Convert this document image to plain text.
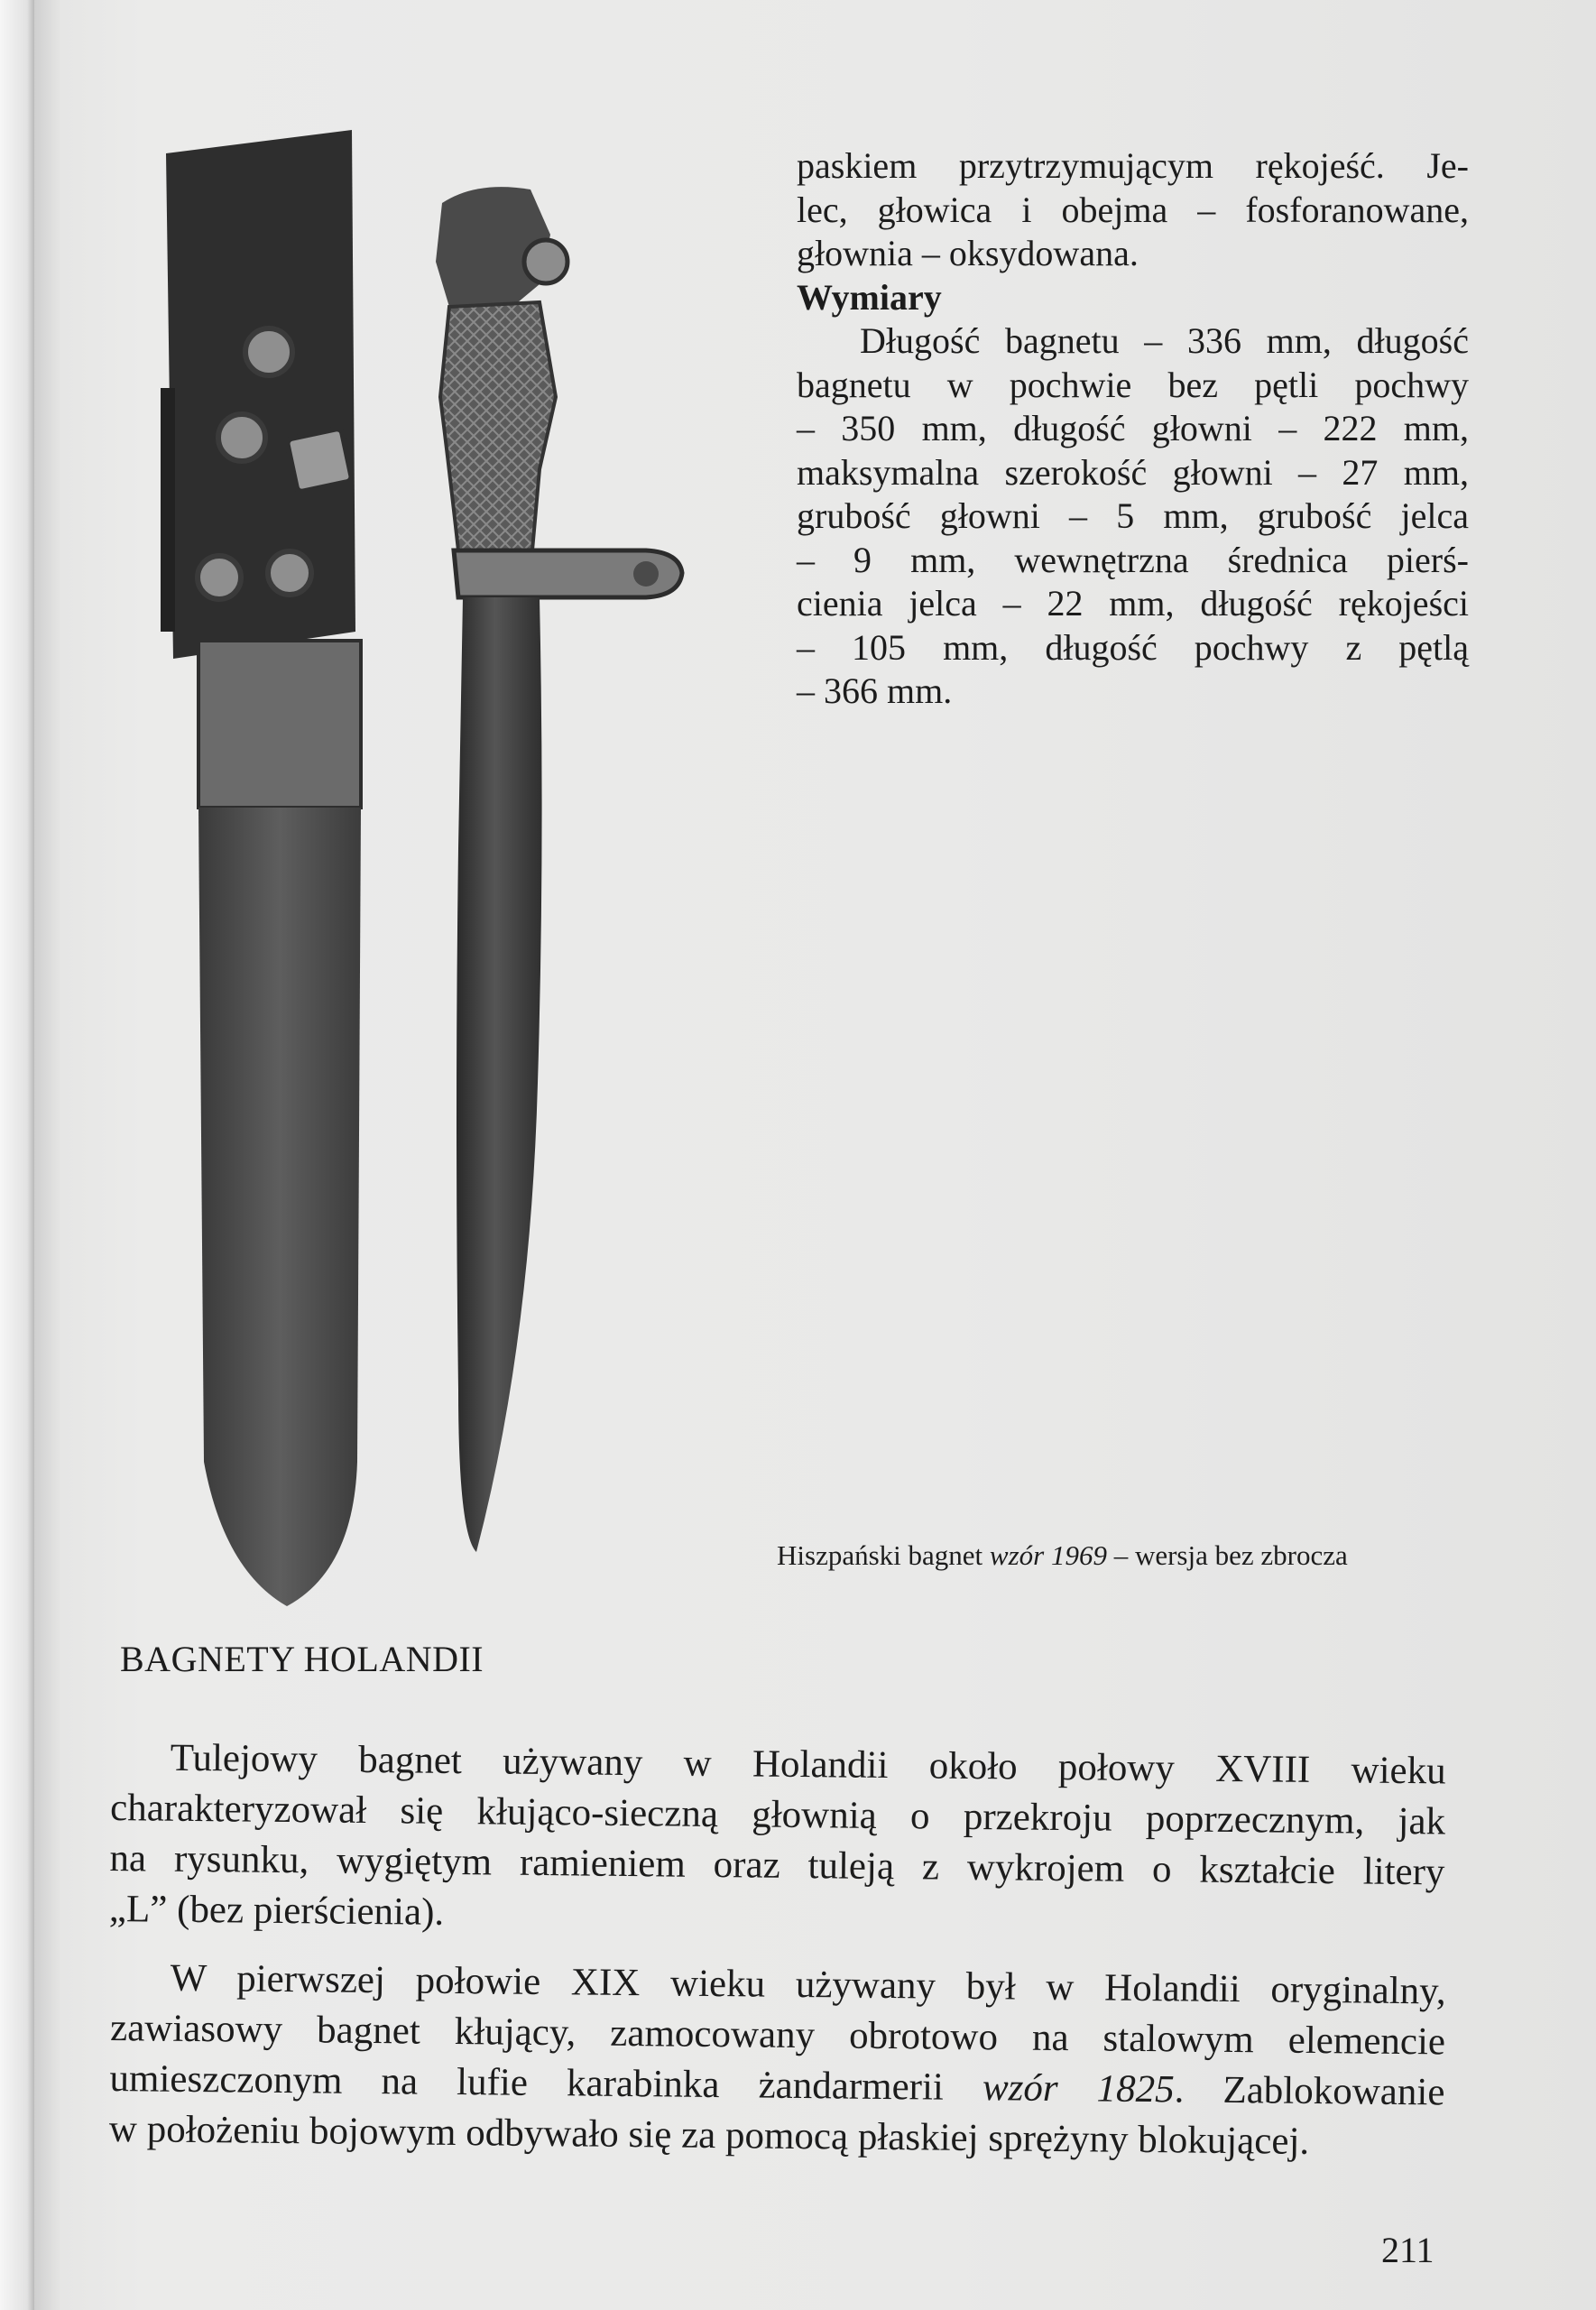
paskiem przytrzymującym rękojeść. Je-
lec, głowica i obejma – fosforanowane,
głownia – oksydowana.
Wymiary
Długość bagnetu – 336 mm, długość
bagnetu w pochwie bez pętli pochwy
– 350 mm, długość głowni – 222 mm,
maksymalna szerokość głowni – 27 mm,
grubość głowni – 5 mm, grubość jelca
– 9 mm, wewnętrzna średnica pierś-
cienia jelca – 22 mm, długość rękojeści
– 105 mm, długość pochwy z pętlą
– 366 mm.
Hiszpański bagnet wzór 1969 – wersja bez zbrocza
BAGNETY HOLANDII
Tulejowy bagnet używany w Holandii około połowy XVIII wieku
charakteryzował się kłująco-sieczną głownią o przekroju poprzecznym, jak
na rysunku, wygiętym ramieniem oraz tuleją z wykrojem o kształcie litery
„L” (bez pierścienia).
W pierwszej połowie XIX wieku używany był w Holandii oryginalny,
zawiasowy bagnet kłujący, zamocowany obrotowo na stalowym elemencie
umieszczonym na lufie karabinka żandarmerii wzór 1825. Zablokowanie
w położeniu bojowym odbywało się za pomocą płaskiej sprężyny blokującej.
211
